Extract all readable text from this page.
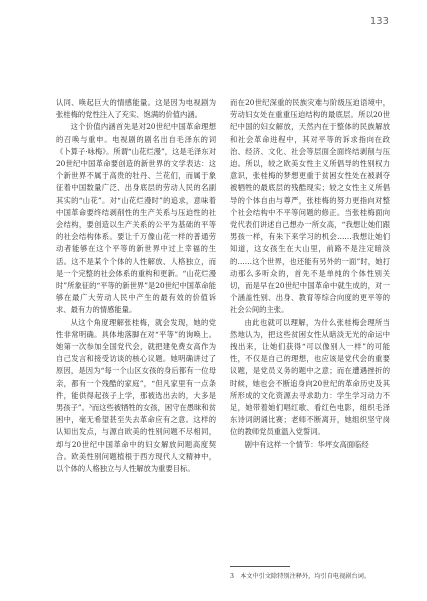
133

认同、唤起巨大的情感能量。这是因为电视剧为张桂梅的党性注入了充实、饱满的价值内涵。

这个价值内涵首先是对20世纪中国革命理想的召唤与重申。电视剧的剧名出自毛泽东的词《卜算子·咏梅》。所谓“山花烂漫”，这是毛泽东对20世纪中国革命要创造的新世界的文学表达：这个新世界不属于高贵的牡丹、兰花们，而属于象征着中国数量广泛、出身底层的劳动人民的名副其实的“山花”。对“山花烂漫时”的追求，意味着中国革命要终结剥削性的生产关系与压迫性的社会结构，要创造以生产关系的公平为基础的平等的社会结构体系。要让千万像山花一样的普通劳动者能够在这个平等的新世界中过上幸福的生活。这不是某个个体的人性解放、人格独立，而是一个完整的社会体系的重构和更新。“山花烂漫时”所象征的“平等的新世界”是20世纪中国革命能够在最广大劳动人民中产生的最有效的价值诉求、最有力的情感能量。

从这个角度理解张桂梅，就会发现，她的党性非常明确。具体地落脚在对“平等”的询唤上。她第一次参加全国党代会，就把建免费女高作为自己发言和接受访谈的核心议题。她明确讲过了原因，是因为“每一个山区女孩的身后都有一位母亲，都有一个残酷的家庭”，“但凡家里有一点条件，能供得起孩子上学，那被选出去的，大多是男孩子”。³而这些被牺牲的女孩，困守在愚昧和贫困中，毫无希望甚至失去革命应有之意。这样的认知出发点，与源自欧美的性别问题不尽相同，却与20世纪中国革命中的妇女解放问题高度契合。欧美性别问题植根于西方现代人文精神中，以个体的人格独立与人性解放为重要目标。

而在20世纪深重的民族灾难与阶级压迫语境中，劳动妇女处在重重压迫结构的最底层。所以20世纪中国的妇女解放，天然内在于整体的民族解放和社会革命进程中，其对平等的诉求指向在政治、经济、文化、社会等层面全面终结剥削与压迫。所以，较之欧美女性主义所倡导的性别权力意识，张桂梅的梦想更重于贫困女性处在被剥夺被牺牲的最底层的残酷现实；较之女性主义所倡导的个体自由与尊严，张桂梅的努力更指向对整个社会结构中不平等问题的修正。当张桂梅面向党代表们讲述自己想办一所女高，“我想让她们跟男孩一样，有朱下来学习的机会……我想让她们知道，这女孩生在大山里，前路不是注定暗淡的……这个世界，也还能有另外的一面”时，她打动那么多听众的，首先不是单纯的个体性别关切，而是早在20世纪中国革命中就生成的，对一个涵盖性别、出身、教育等综合向度的更平等的社会公间的主张。

由此也就可以理解，为什么张桂梅会理所当然地认为，把这些贫困女性从暗淡无光的命运中拽出来，让她们获得“可以像别人一样”的可能性，不仅是自己的理想，也应该是党代会的重要议题，是党员义务的题中之意；而在遭遇挫折的时候，她也会不断追身向20世纪的革命历史及其所形成的文化资源去寻求助力：学生学习动力不足，她带着她们唱红歌、看红色电影，组织毛泽东诗词朗诵比赛；老师不断离开，她组织坚守岗位的教师党员重温入党誓词。

剧中有这样一个情节：华坪女高面临经

3　本文中引文除特别注释外，均引自电视剧台词。
